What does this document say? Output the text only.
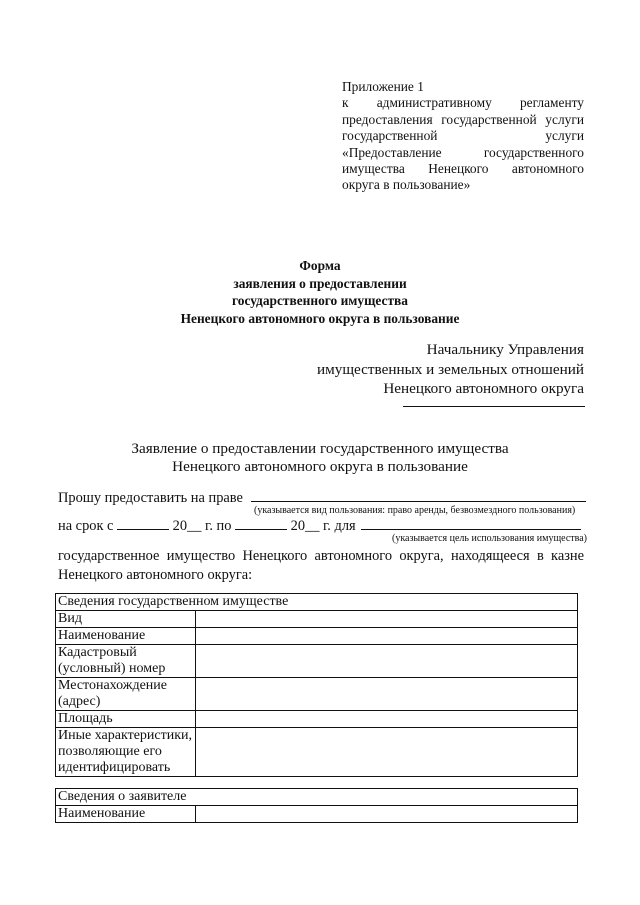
Приложение 1
к административному регламенту
предоставления государственной услуги
государственной услуги
«Предоставление государственного
имущества Ненецкого автономного
округа в пользование»
Форма
заявления о предоставлении
государственного имущества
Ненецкого автономного округа в пользование
Начальнику Управления
имущественных и земельных отношений
Ненецкого автономного округа
Заявление о предоставлении государственного имущества
Ненецкого автономного округа в пользование
Прошу предоставить на праве
(указывается вид пользования: право аренды, безвозмездного пользования)
на срок с	20__ г. по	20__ г. для
(указывается цель использования имущества)
государственное имущество Ненецкого автономного округа, находящееся в казне
Ненецкого автономного округа:
Сведения государственном имуществе	
Вид	
Наименование	
Кадастровый (условный) номер	
Местонахождение (адрес)	
Площадь	
Иные характеристики, позволяющие его идентифицировать	
Сведения о заявителе
Наименование	
